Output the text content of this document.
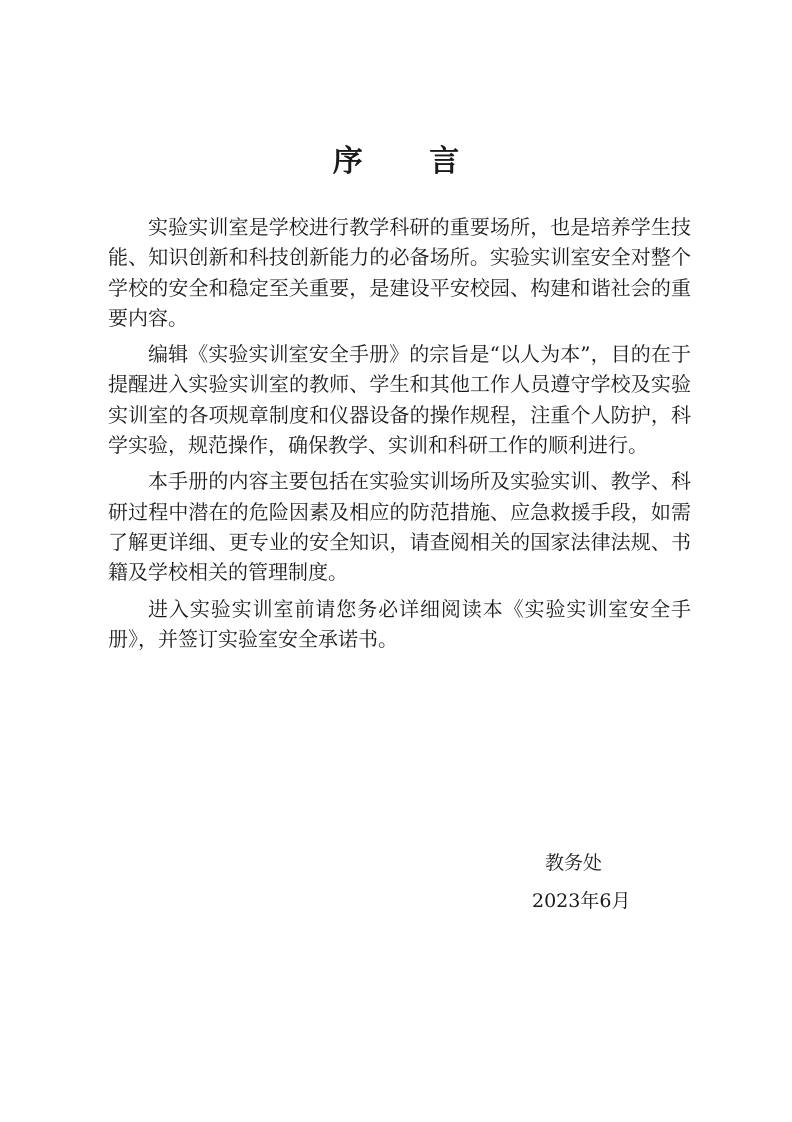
序 言

实验实训室是学校进行教学科研的重要场所，也是培养学生技能、知识创新和科技创新能力的必备场所。实验实训室安全对整个学校的安全和稳定至关重要，是建设平安校园、构建和谐社会的重要内容。

编辑《实验实训室安全手册》的宗旨是“以人为本”，目的在于提醒进入实验实训室的教师、学生和其他工作人员遵守学校及实验实训室的各项规章制度和仪器设备的操作规程，注重个人防护，科学实验，规范操作，确保教学、实训和科研工作的顺利进行。

本手册的内容主要包括在实验实训场所及实验实训、教学、科研过程中潜在的危险因素及相应的防范措施、应急救援手段，如需了解更详细、更专业的安全知识，请查阅相关的国家法律法规、书籍及学校相关的管理制度。

进入实验实训室前请您务必详细阅读本《实验实训室安全手册》，并签订实验室安全承诺书。

教务处
2023年6月
